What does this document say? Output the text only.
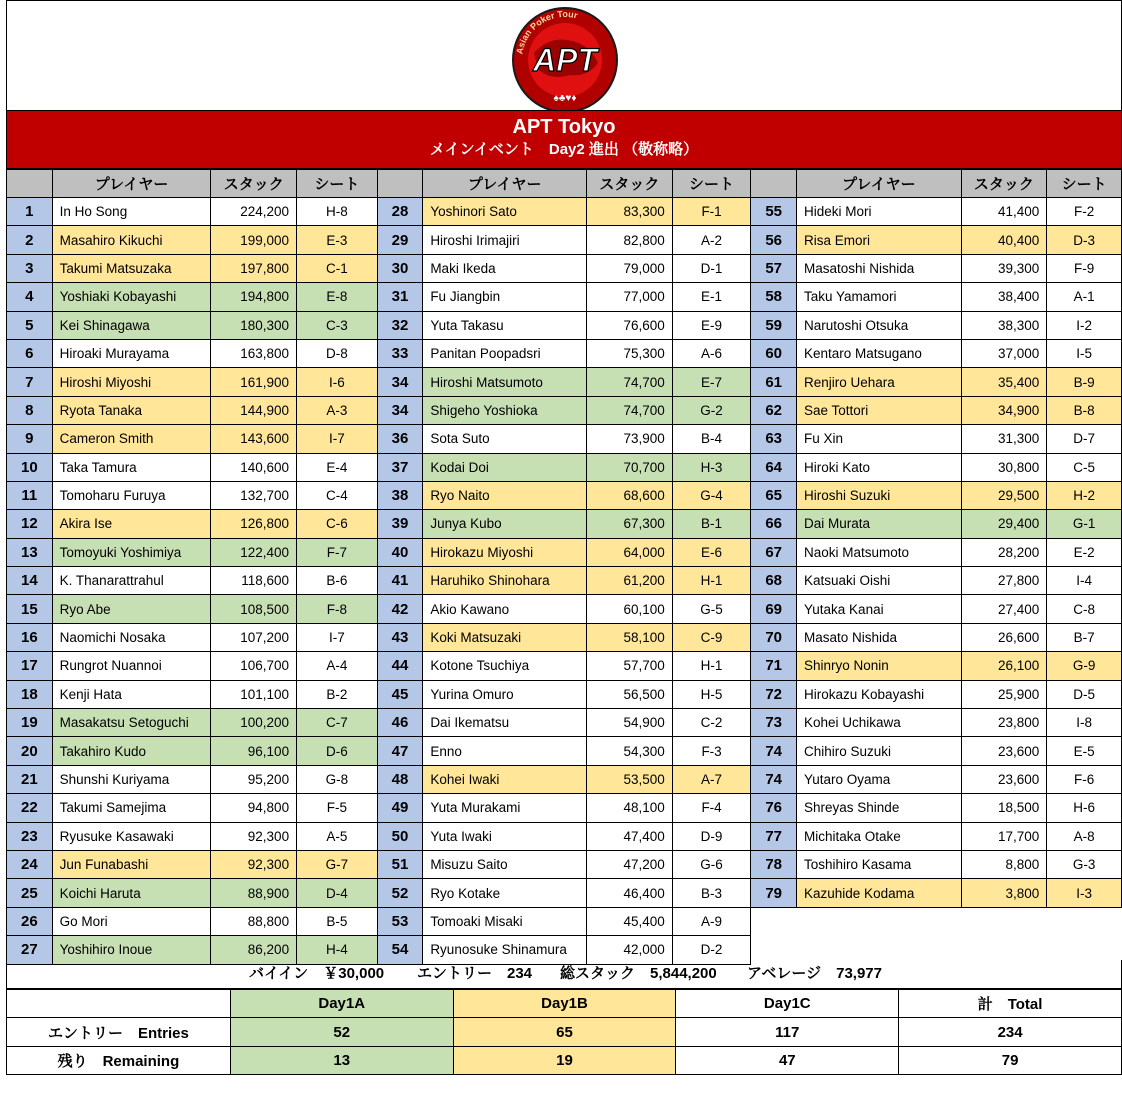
Asian Poker Tour
APT
♠♣♥♦
APT Tokyo
メインイベント　Day2 進出 （敬称略）
	プレイヤー	スタック	シート		プレイヤー	スタック	シート		プレイヤー	スタック	シート
1	In Ho Song	224,200	H-8	28	Yoshinori Sato	83,300	F-1	55	Hideki Mori	41,400	F-2
2	Masahiro Kikuchi	199,000	E-3	29	Hiroshi Irimajiri	82,800	A-2	56	Risa Emori	40,400	D-3
3	Takumi Matsuzaka	197,800	C-1	30	Maki Ikeda	79,000	D-1	57	Masatoshi Nishida	39,300	F-9
4	Yoshiaki Kobayashi	194,800	E-8	31	Fu Jiangbin	77,000	E-1	58	Taku Yamamori	38,400	A-1
5	Kei Shinagawa	180,300	C-3	32	Yuta Takasu	76,600	E-9	59	Narutoshi Otsuka	38,300	I-2
6	Hiroaki Murayama	163,800	D-8	33	Panitan Poopadsri	75,300	A-6	60	Kentaro Matsugano	37,000	I-5
7	Hiroshi Miyoshi	161,900	I-6	34	Hiroshi Matsumoto	74,700	E-7	61	Renjiro Uehara	35,400	B-9
8	Ryota Tanaka	144,900	A-3	34	Shigeho Yoshioka	74,700	G-2	62	Sae Tottori	34,900	B-8
9	Cameron Smith	143,600	I-7	36	Sota Suto	73,900	B-4	63	Fu Xin	31,300	D-7
10	Taka Tamura	140,600	E-4	37	Kodai Doi	70,700	H-3	64	Hiroki Kato	30,800	C-5
11	Tomoharu Furuya	132,700	C-4	38	Ryo Naito	68,600	G-4	65	Hiroshi Suzuki	29,500	H-2
12	Akira Ise	126,800	C-6	39	Junya Kubo	67,300	B-1	66	Dai Murata	29,400	G-1
13	Tomoyuki Yoshimiya	122,400	F-7	40	Hirokazu Miyoshi	64,000	E-6	67	Naoki Matsumoto	28,200	E-2
14	K. Thanarattrahul	118,600	B-6	41	Haruhiko Shinohara	61,200	H-1	68	Katsuaki Oishi	27,800	I-4
15	Ryo Abe	108,500	F-8	42	Akio Kawano	60,100	G-5	69	Yutaka Kanai	27,400	C-8
16	Naomichi Nosaka	107,200	I-7	43	Koki Matsuzaki	58,100	C-9	70	Masato Nishida	26,600	B-7
17	Rungrot Nuannoi	106,700	A-4	44	Kotone Tsuchiya	57,700	H-1	71	Shinryo Nonin	26,100	G-9
18	Kenji Hata	101,100	B-2	45	Yurina Omuro	56,500	H-5	72	Hirokazu Kobayashi	25,900	D-5
19	Masakatsu Setoguchi	100,200	C-7	46	Dai Ikematsu	54,900	C-2	73	Kohei Uchikawa	23,800	I-8
20	Takahiro Kudo	96,100	D-6	47	Enno	54,300	F-3	74	Chihiro Suzuki	23,600	E-5
21	Shunshi Kuriyama	95,200	G-8	48	Kohei Iwaki	53,500	A-7	74	Yutaro Oyama	23,600	F-6
22	Takumi Samejima	94,800	F-5	49	Yuta Murakami	48,100	F-4	76	Shreyas Shinde	18,500	H-6
23	Ryusuke Kasawaki	92,300	A-5	50	Yuta Iwaki	47,400	D-9	77	Michitaka Otake	17,700	A-8
24	Jun Funabashi	92,300	G-7	51	Misuzu Saito	47,200	G-6	78	Toshihiro Kasama	8,800	G-3
25	Koichi Haruta	88,900	D-4	52	Ryo Kotake	46,400	B-3	79	Kazuhide Kodama	3,800	I-3
26	Go Mori	88,800	B-5	53	Tomoaki Misaki	45,400	A-9				
27	Yoshihiro Inoue	86,200	H-4	54	Ryunosuke Shinamura	42,000	D-2				
バイイン　￥30,000 エントリー　234 総スタック　5,844,200 アベレージ　73,977
	Day1A	Day1B	Day1C	計　Total
エントリー　Entries	52	65	117	234
残り　Remaining	13	19	47	79
